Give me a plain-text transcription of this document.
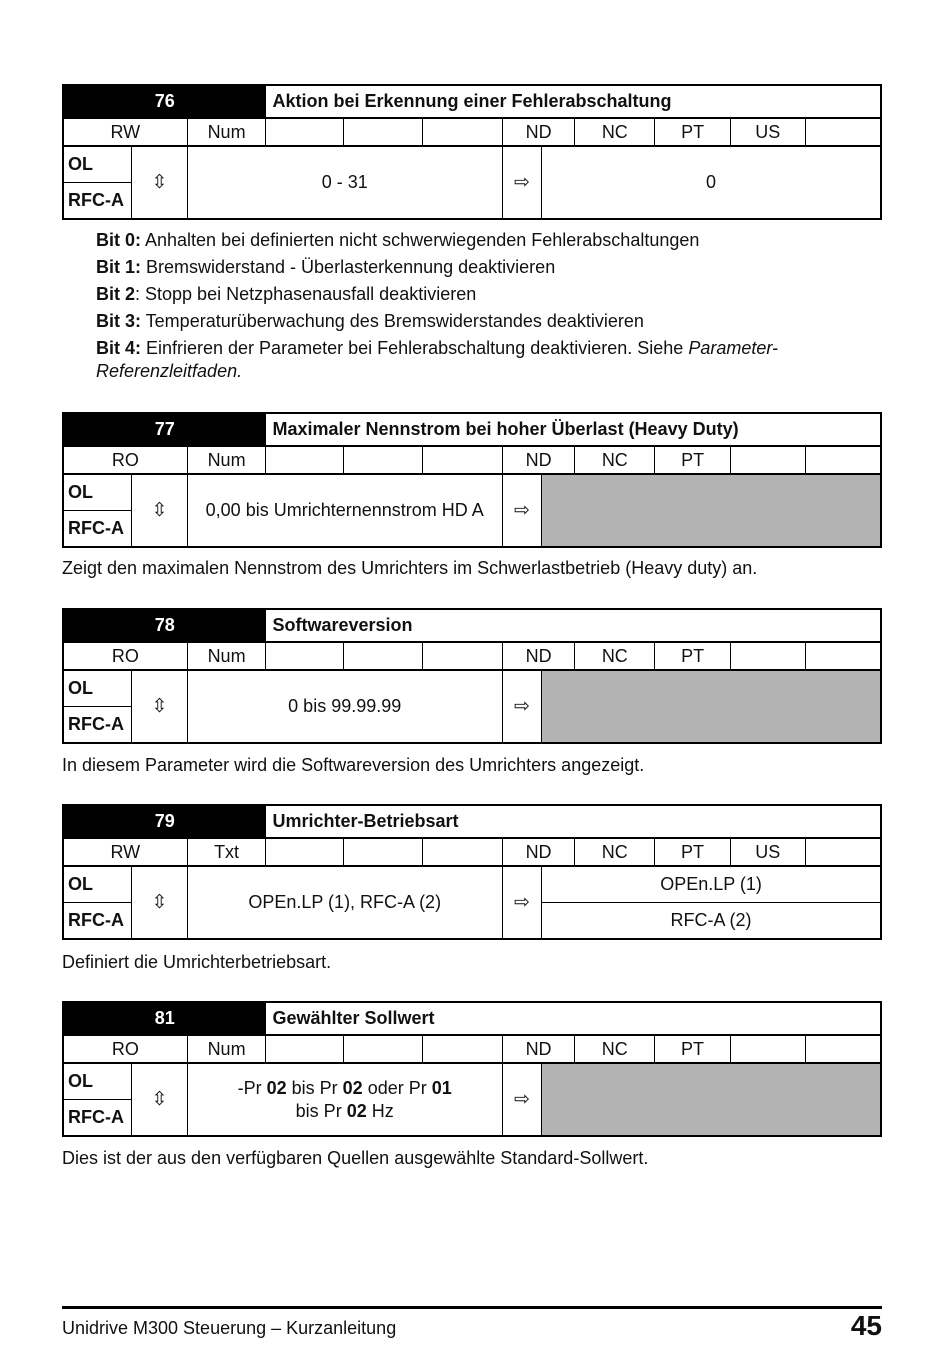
76			Aktion bei Erkennung einer Fehlerabschaltung								
RW		Num				ND		NC	PT	US	
OL	⇳	0 - 31				⇨	0				
RFC-A											

Bit 0: Anhalten bei definierten nicht schwerwiegenden Fehlerabschaltungen

Bit 1: Bremswiderstand - Überlasterkennung deaktivieren

Bit 2: Stopp bei Netzphasenausfall deaktivieren

Bit 3: Temperaturüberwachung des Bremswiderstandes deaktivieren

Bit 4: Einfrieren der Parameter bei Fehlerabschaltung deaktivieren. Siehe Parameter-Referenzleitfaden.

77			Maximaler Nennstrom bei hoher Überlast (Heavy Duty)								
RO		Num				ND		NC	PT		
OL	⇳	0,00 bis Umrichternennstrom HD A				⇨					
RFC-A											
Zeigt den maximalen Nennstrom des Umrichters im Schwerlastbetrieb (Heavy duty) an.
78			Softwareversion								
RO		Num				ND		NC	PT		
OL	⇳	0 bis 99.99.99				⇨					
RFC-A											
In diesem Parameter wird die Softwareversion des Umrichters angezeigt.
79			Umrichter-Betriebsart								
RW		Txt				ND		NC	PT	US	
OL	⇳	OPEn.LP (1), RFC-A (2)				⇨	OPEn.LP (1)				
RFC-A							RFC-A (2)				
Definiert die Umrichterbetriebsart.
81			Gewählter Sollwert								
RO		Num				ND		NC	PT		
OL	⇳	-Pr 02 bis Pr 02 oder Pr 01
bis Pr 02 Hz				⇨					
RFC-A											
Dies ist der aus den verfügbaren Quellen ausgewählte Standard-Sollwert.
Unidrive M300 Steuerung – Kurzanleitung	45
